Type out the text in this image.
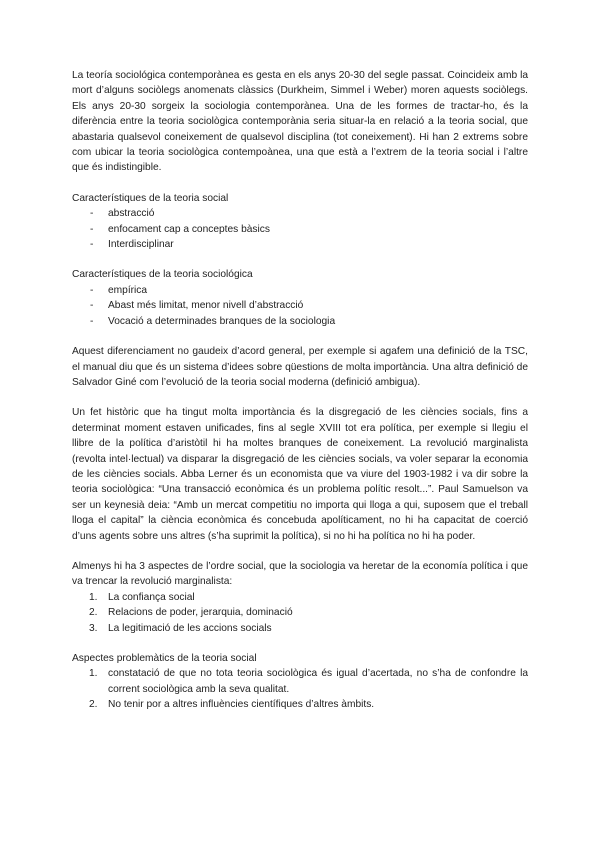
La teoría sociológica contemporànea es gesta en els anys 20-30 del segle passat. Coincideix amb la mort d’alguns sociòlegs anomenats clàssics (Durkheim, Simmel i Weber) moren aquests sociòlegs. Els anys 20-30 sorgeix la sociologia contemporànea. Una de les formes de tractar-ho, és la diferència entre la teoria sociològica contemporània seria situar-la en relació a la teoria social, que abastaria qualsevol coneixement de qualsevol disciplina (tot coneixement). Hi han 2 extrems sobre com ubicar la teoria sociològica contempoànea, una que està a l’extrem de la teoria social i l’altre que és indistingible.

Característiques de la teoria social

- abstracció
- enfocament cap a conceptes bàsics
- Interdisciplinar

Característiques de la teoria sociológica

- empírica
- Abast més limitat, menor nivell d’abstracció
- Vocació a determinades branques de la sociologia

Aquest diferenciament no gaudeix d’acord general, per exemple si agafem una definició de la TSC, el manual diu que és un sistema d’idees sobre qüestions de molta importància. Una altra definició de Salvador Giné com l’evolució de la teoria social moderna (definició ambigua).

Un fet històric que ha tingut molta importància és la disgregació de les ciències socials, fins a determinat moment estaven unificades, fins al segle XVIII tot era política, per exemple si llegiu el llibre de la política d’aristòtil hi ha moltes branques de coneixement. La revolució marginalista (revolta intel·lectual) va disparar la disgregació de les ciències socials, va voler separar la economia de les ciències socials. Abba Lerner és un economista que va viure del 1903-1982 i va dir sobre la teoria sociològica: “Una transacció econòmica és un problema polític resolt...”. Paul Samuelson va ser un keynesià deia: “Amb un mercat competitiu no importa qui lloga a qui, suposem que el treball lloga el capital” la ciència econòmica és concebuda apolíticament, no hi ha capacitat de coerció d’uns agents sobre uns altres (s’ha suprimit la política), si no hi ha política no hi ha poder.

Almenys hi ha 3 aspectes de l’ordre social, que la sociologia va heretar de la economía política i que va trencar la revolució marginalista:

1. La confiança social
2. Relacions de poder, jerarquia, dominació
3. La legitimació de les accions socials

Aspectes problemàtics de la teoria social

1. constatació de que no tota teoria sociològica és igual d’acertada, no s’ha de confondre la corrent sociològica amb la seva qualitat.
2. No tenir por a altres influències científiques d’altres àmbits.
